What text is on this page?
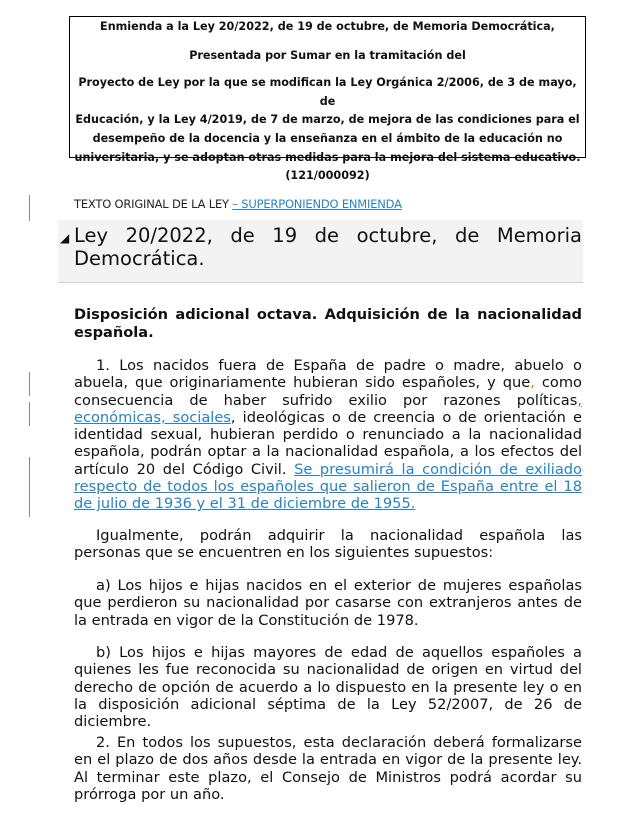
Enmienda a la Ley 20/2022, de 19 de octubre, de Memoria Democrática,

Presentada por Sumar en la tramitación del

Proyecto de Ley por la que se modifican la Ley Orgánica 2/2006, de 3 de mayo, de

Educación, y la Ley 4/2019, de 7 de marzo, de mejora de las condiciones para el

desempeño de la docencia y la enseñanza en el ámbito de la educación no

universitaria, y se adoptan otras medidas para la mejora del sistema educativo.

(121/000092)

TEXTO ORIGINAL DE LA LEY – SUPERPONIENDO ENMIENDA
◢ Ley 20/2022, de 19 de octubre, de Memoria Democrática.
Disposición adicional octava. Adquisición de la nacionalidad española.

1. Los nacidos fuera de España de padre o madre, abuelo o abuela, que originariamente hubieran sido españoles, y que, como consecuencia de haber sufrido exilio por razones políticas, económicas, sociales, ideológicas o de creencia o de orientación e identidad sexual, hubieran perdido o renunciado a la nacionalidad española, podrán optar a la nacionalidad española, a los efectos del artículo 20 del Código Civil. Se presumirá la condición de exiliado respecto de todos los españoles que salieron de España entre el 18 de julio de 1936 y el 31 de diciembre de 1955.

Igualmente, podrán adquirir la nacionalidad española las personas que se encuentren en los siguientes supuestos:

a) Los hijos e hijas nacidos en el exterior de mujeres españolas que perdieron su nacionalidad por casarse con extranjeros antes de la entrada en vigor de la Constitución de 1978.

b) Los hijos e hijas mayores de edad de aquellos españoles a quienes les fue reconocida su nacionalidad de origen en virtud del derecho de opción de acuerdo a lo dispuesto en la presente ley o en la disposición adicional séptima de la Ley 52/2007, de 26 de diciembre.

2. En todos los supuestos, esta declaración deberá formalizarse en el plazo de dos años desde la entrada en vigor de la presente ley. Al terminar este plazo, el Consejo de Ministros podrá acordar su prórroga por un año.
